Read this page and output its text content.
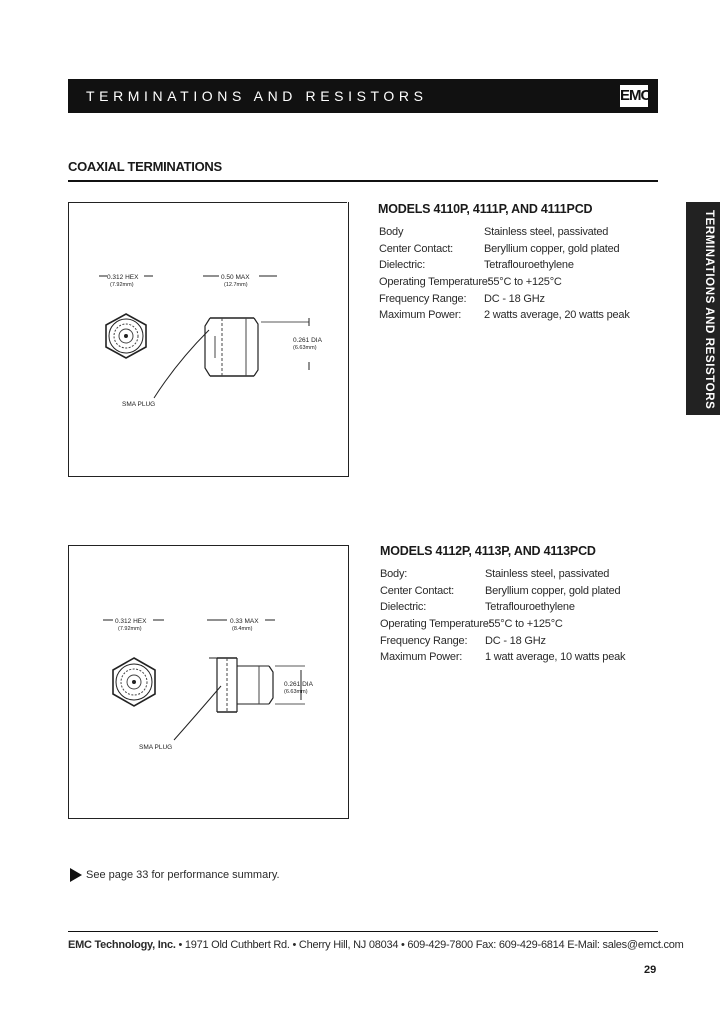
TERMINATIONS AND RESISTORS	EMC
COAXIAL TERMINATIONS
TERMINATIONS AND RESISTORS
0.312 HEX
(7.92mm)
0.50 MAX
(12.7mm)
0.261 DIA
(6.63mm)
SMA PLUG
0.312 HEX
(7.92mm)
0.33 MAX
(8.4mm)
0.261 DIA
(6.63mm)
SMA PLUG
MODELS 4110P, 4111P, AND 4111PCD
Body	Stainless steel, passivated
Center Contact:	Beryllium copper, gold plated
Dielectric:	Tetraflouroethylene
Operating Temperature:
-55°C to +125°C
Frequency Range: DC - 18 GHz
Maximum Power: 2 watts average, 20 watts peak
MODELS 4112P, 4113P, AND 4113PCD
Body:	Stainless steel, passivated
Center Contact:	Beryllium copper, gold plated
Dielectric:	Tetraflouroethylene
Operating Temperature:
-55°C to +125°C
Frequency Range: DC - 18 GHz
Maximum Power: 1 watt average, 10 watts peak
See page 33 for performance summary.
EMC Technology, Inc. • 1971 Old Cuthbert Rd. • Cherry Hill, NJ 08034 • 609-429-7800 Fax: 609-429-6814 E-Mail: sales@emct.com
29
